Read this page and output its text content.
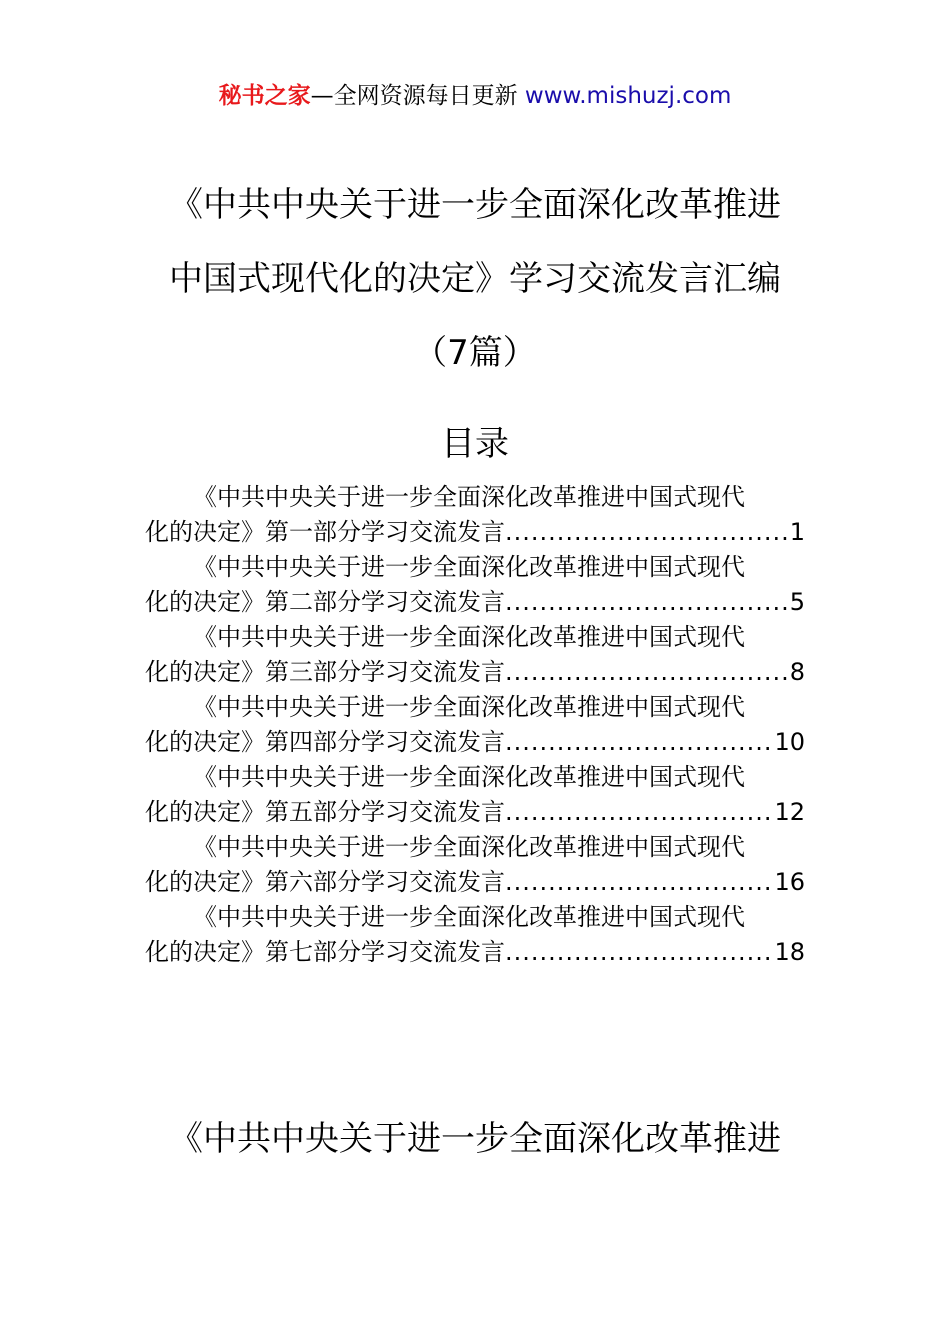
秘书之家—全网资源每日更新 www.mishuzj.com
《中共中央关于进一步全面深化改革推进
中国式现代化的决定》学习交流发言汇编
（7篇）
目录
《中共中央关于进一步全面深化改革推进中国式现代
化的决定》第一部分学习交流发言 .....	1
《中共中央关于进一步全面深化改革推进中国式现代
化的决定》第二部分学习交流发言 .....	5
《中共中央关于进一步全面深化改革推进中国式现代
化的决定》第三部分学习交流发言 .....	8
《中共中央关于进一步全面深化改革推进中国式现代
化的决定》第四部分学习交流发言 .....	10
《中共中央关于进一步全面深化改革推进中国式现代
化的决定》第五部分学习交流发言 .....	12
《中共中央关于进一步全面深化改革推进中国式现代
化的决定》第六部分学习交流发言 .....	16
《中共中央关于进一步全面深化改革推进中国式现代
化的决定》第七部分学习交流发言 .....	18
《中共中央关于进一步全面深化改革推进
